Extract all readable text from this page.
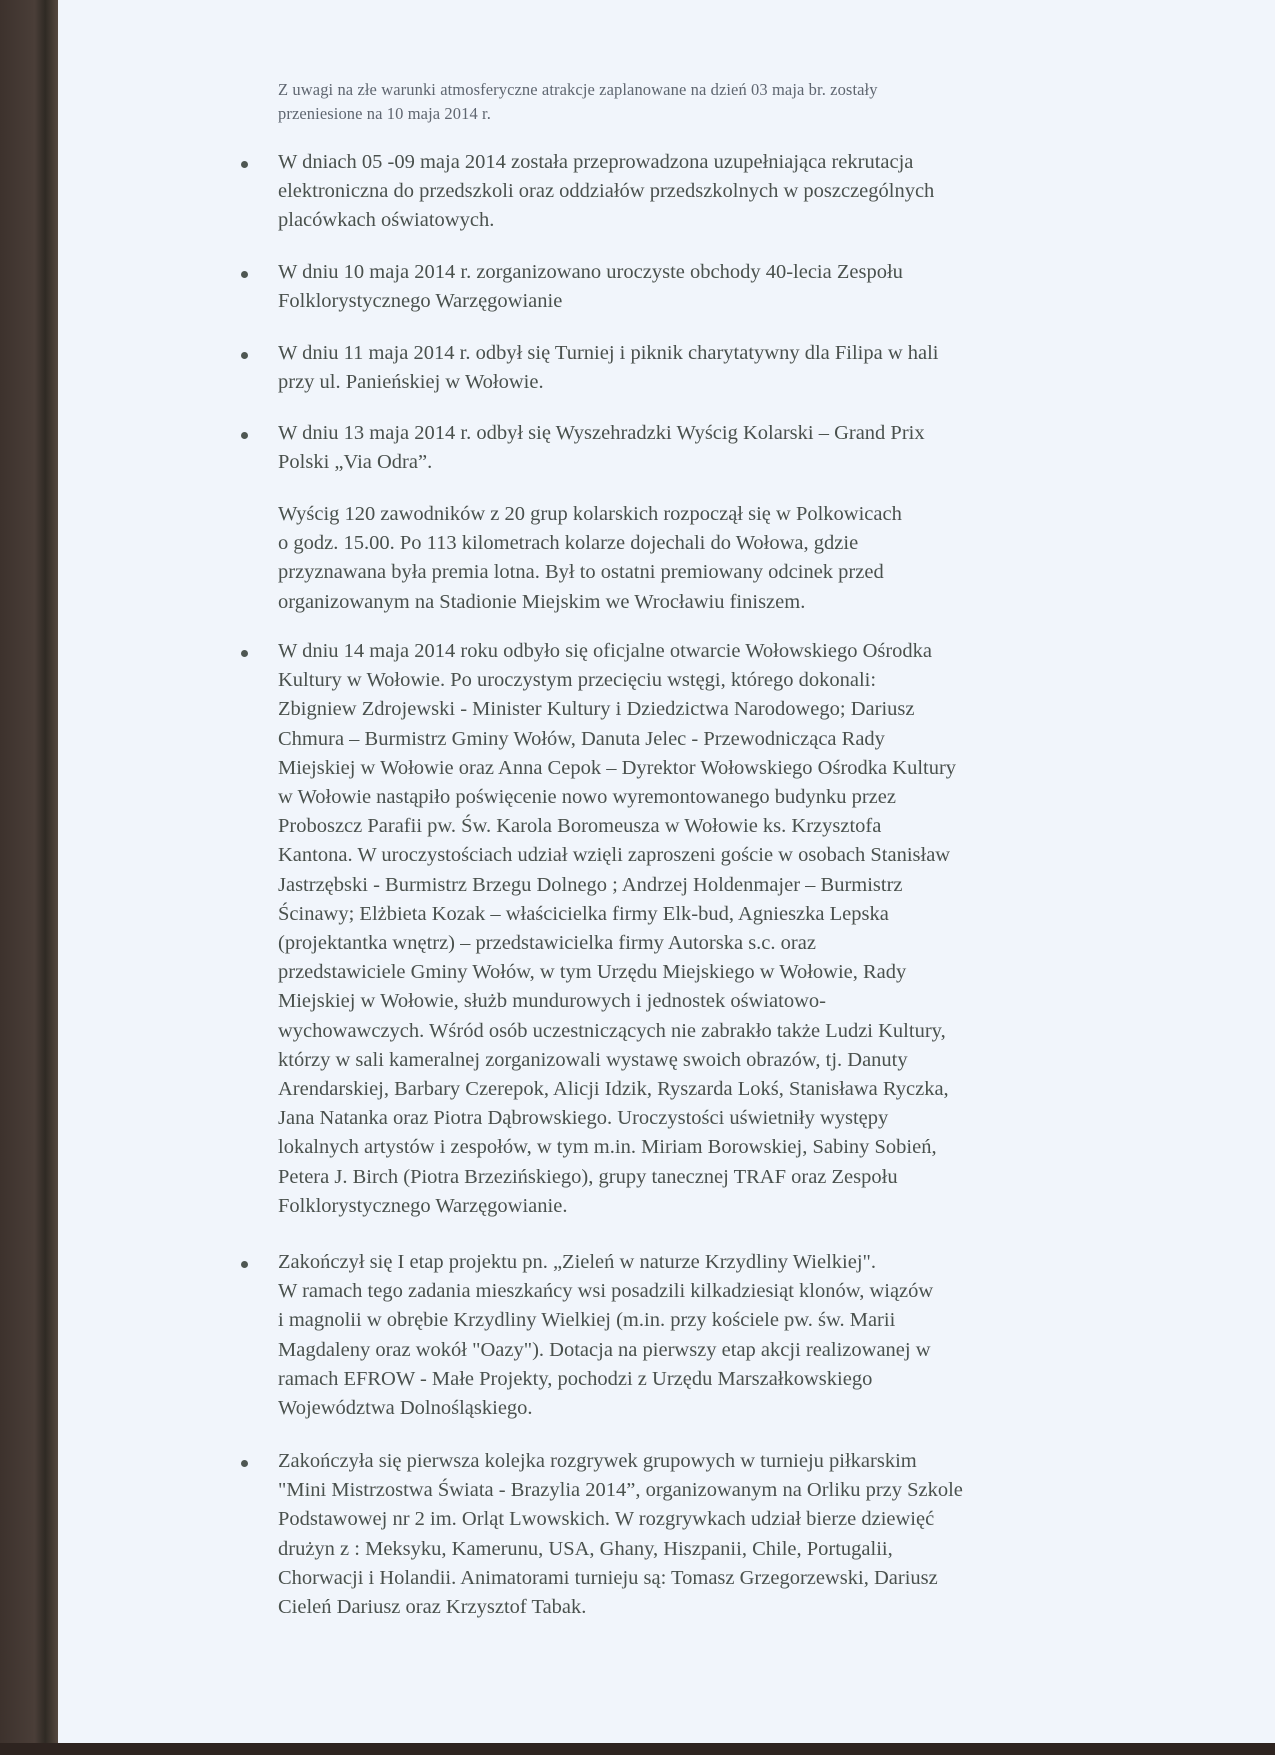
Z uwagi na złe warunki atmosferyczne atrakcje zaplanowane na dzień 03 maja br. zostały
przeniesione na 10 maja 2014 r.
W dniach 05 -09 maja 2014 została przeprowadzona uzupełniająca rekrutacja
elektroniczna do przedszkoli oraz oddziałów przedszkolnych w poszczególnych
placówkach oświatowych.
W dniu 10 maja 2014 r. zorganizowano uroczyste obchody 40-lecia Zespołu
Folklorystycznego Warzęgowianie
W dniu 11 maja 2014 r. odbył się Turniej i piknik charytatywny dla Filipa w hali
przy ul. Panieńskiej w Wołowie.
W dniu 13 maja 2014 r. odbył się Wyszehradzki Wyścig Kolarski – Grand Prix
Polski „Via Odra”.
Wyścig 120 zawodników z 20 grup kolarskich rozpoczął się w Polkowicach
o godz. 15.00. Po 113 kilometrach kolarze dojechali do Wołowa, gdzie
przyznawana była premia lotna. Był to ostatni premiowany odcinek przed
organizowanym na Stadionie Miejskim we Wrocławiu finiszem.
W dniu 14 maja 2014 roku odbyło się oficjalne otwarcie Wołowskiego Ośrodka
Kultury w Wołowie. Po uroczystym przecięciu wstęgi, którego dokonali:
Zbigniew Zdrojewski - Minister Kultury i Dziedzictwa Narodowego; Dariusz
Chmura – Burmistrz Gminy Wołów, Danuta Jelec - Przewodnicząca Rady
Miejskiej w Wołowie oraz Anna Cepok – Dyrektor Wołowskiego Ośrodka Kultury
w Wołowie nastąpiło poświęcenie nowo wyremontowanego budynku przez
Proboszcz Parafii pw. Św. Karola Boromeusza w Wołowie ks. Krzysztofa
Kantona. W uroczystościach udział wzięli zaproszeni goście w osobach Stanisław
Jastrzębski - Burmistrz Brzegu Dolnego ; Andrzej Holdenmajer – Burmistrz
Ścinawy; Elżbieta Kozak – właścicielka firmy Elk-bud, Agnieszka Lepska
(projektantka wnętrz) – przedstawicielka firmy Autorska s.c. oraz
przedstawiciele Gminy Wołów, w tym Urzędu Miejskiego w Wołowie, Rady
Miejskiej w Wołowie, służb mundurowych i jednostek oświatowo-
wychowawczych. Wśród osób uczestniczących nie zabrakło także Ludzi Kultury,
którzy w sali kameralnej zorganizowali wystawę swoich obrazów, tj. Danuty
Arendarskiej, Barbary Czerepok, Alicji Idzik, Ryszarda Lokś, Stanisława Ryczka,
Jana Natanka oraz Piotra Dąbrowskiego. Uroczystości uświetniły występy
lokalnych artystów i zespołów, w tym m.in. Miriam Borowskiej, Sabiny Sobień,
Petera J. Birch (Piotra Brzezińskiego), grupy tanecznej TRAF oraz Zespołu
Folklorystycznego Warzęgowianie.
Zakończył się I etap projektu pn. „Zieleń w naturze Krzydliny Wielkiej".
W ramach tego zadania mieszkańcy wsi posadzili kilkadziesiąt klonów, wiązów
i magnolii w obrębie Krzydliny Wielkiej (m.in. przy kościele pw. św. Marii
Magdaleny oraz wokół "Oazy"). Dotacja na pierwszy etap akcji realizowanej w
ramach EFROW - Małe Projekty, pochodzi z Urzędu Marszałkowskiego
Województwa Dolnośląskiego.
Zakończyła się pierwsza kolejka rozgrywek grupowych w turnieju piłkarskim
"Mini Mistrzostwa Świata - Brazylia 2014”, organizowanym na Orliku przy Szkole
Podstawowej nr 2 im. Orląt Lwowskich. W rozgrywkach udział bierze dziewięć
drużyn z : Meksyku, Kamerunu, USA, Ghany, Hiszpanii, Chile, Portugalii,
Chorwacji i Holandii. Animatorami turnieju są: Tomasz Grzegorzewski, Dariusz
Cieleń Dariusz oraz Krzysztof Tabak.
